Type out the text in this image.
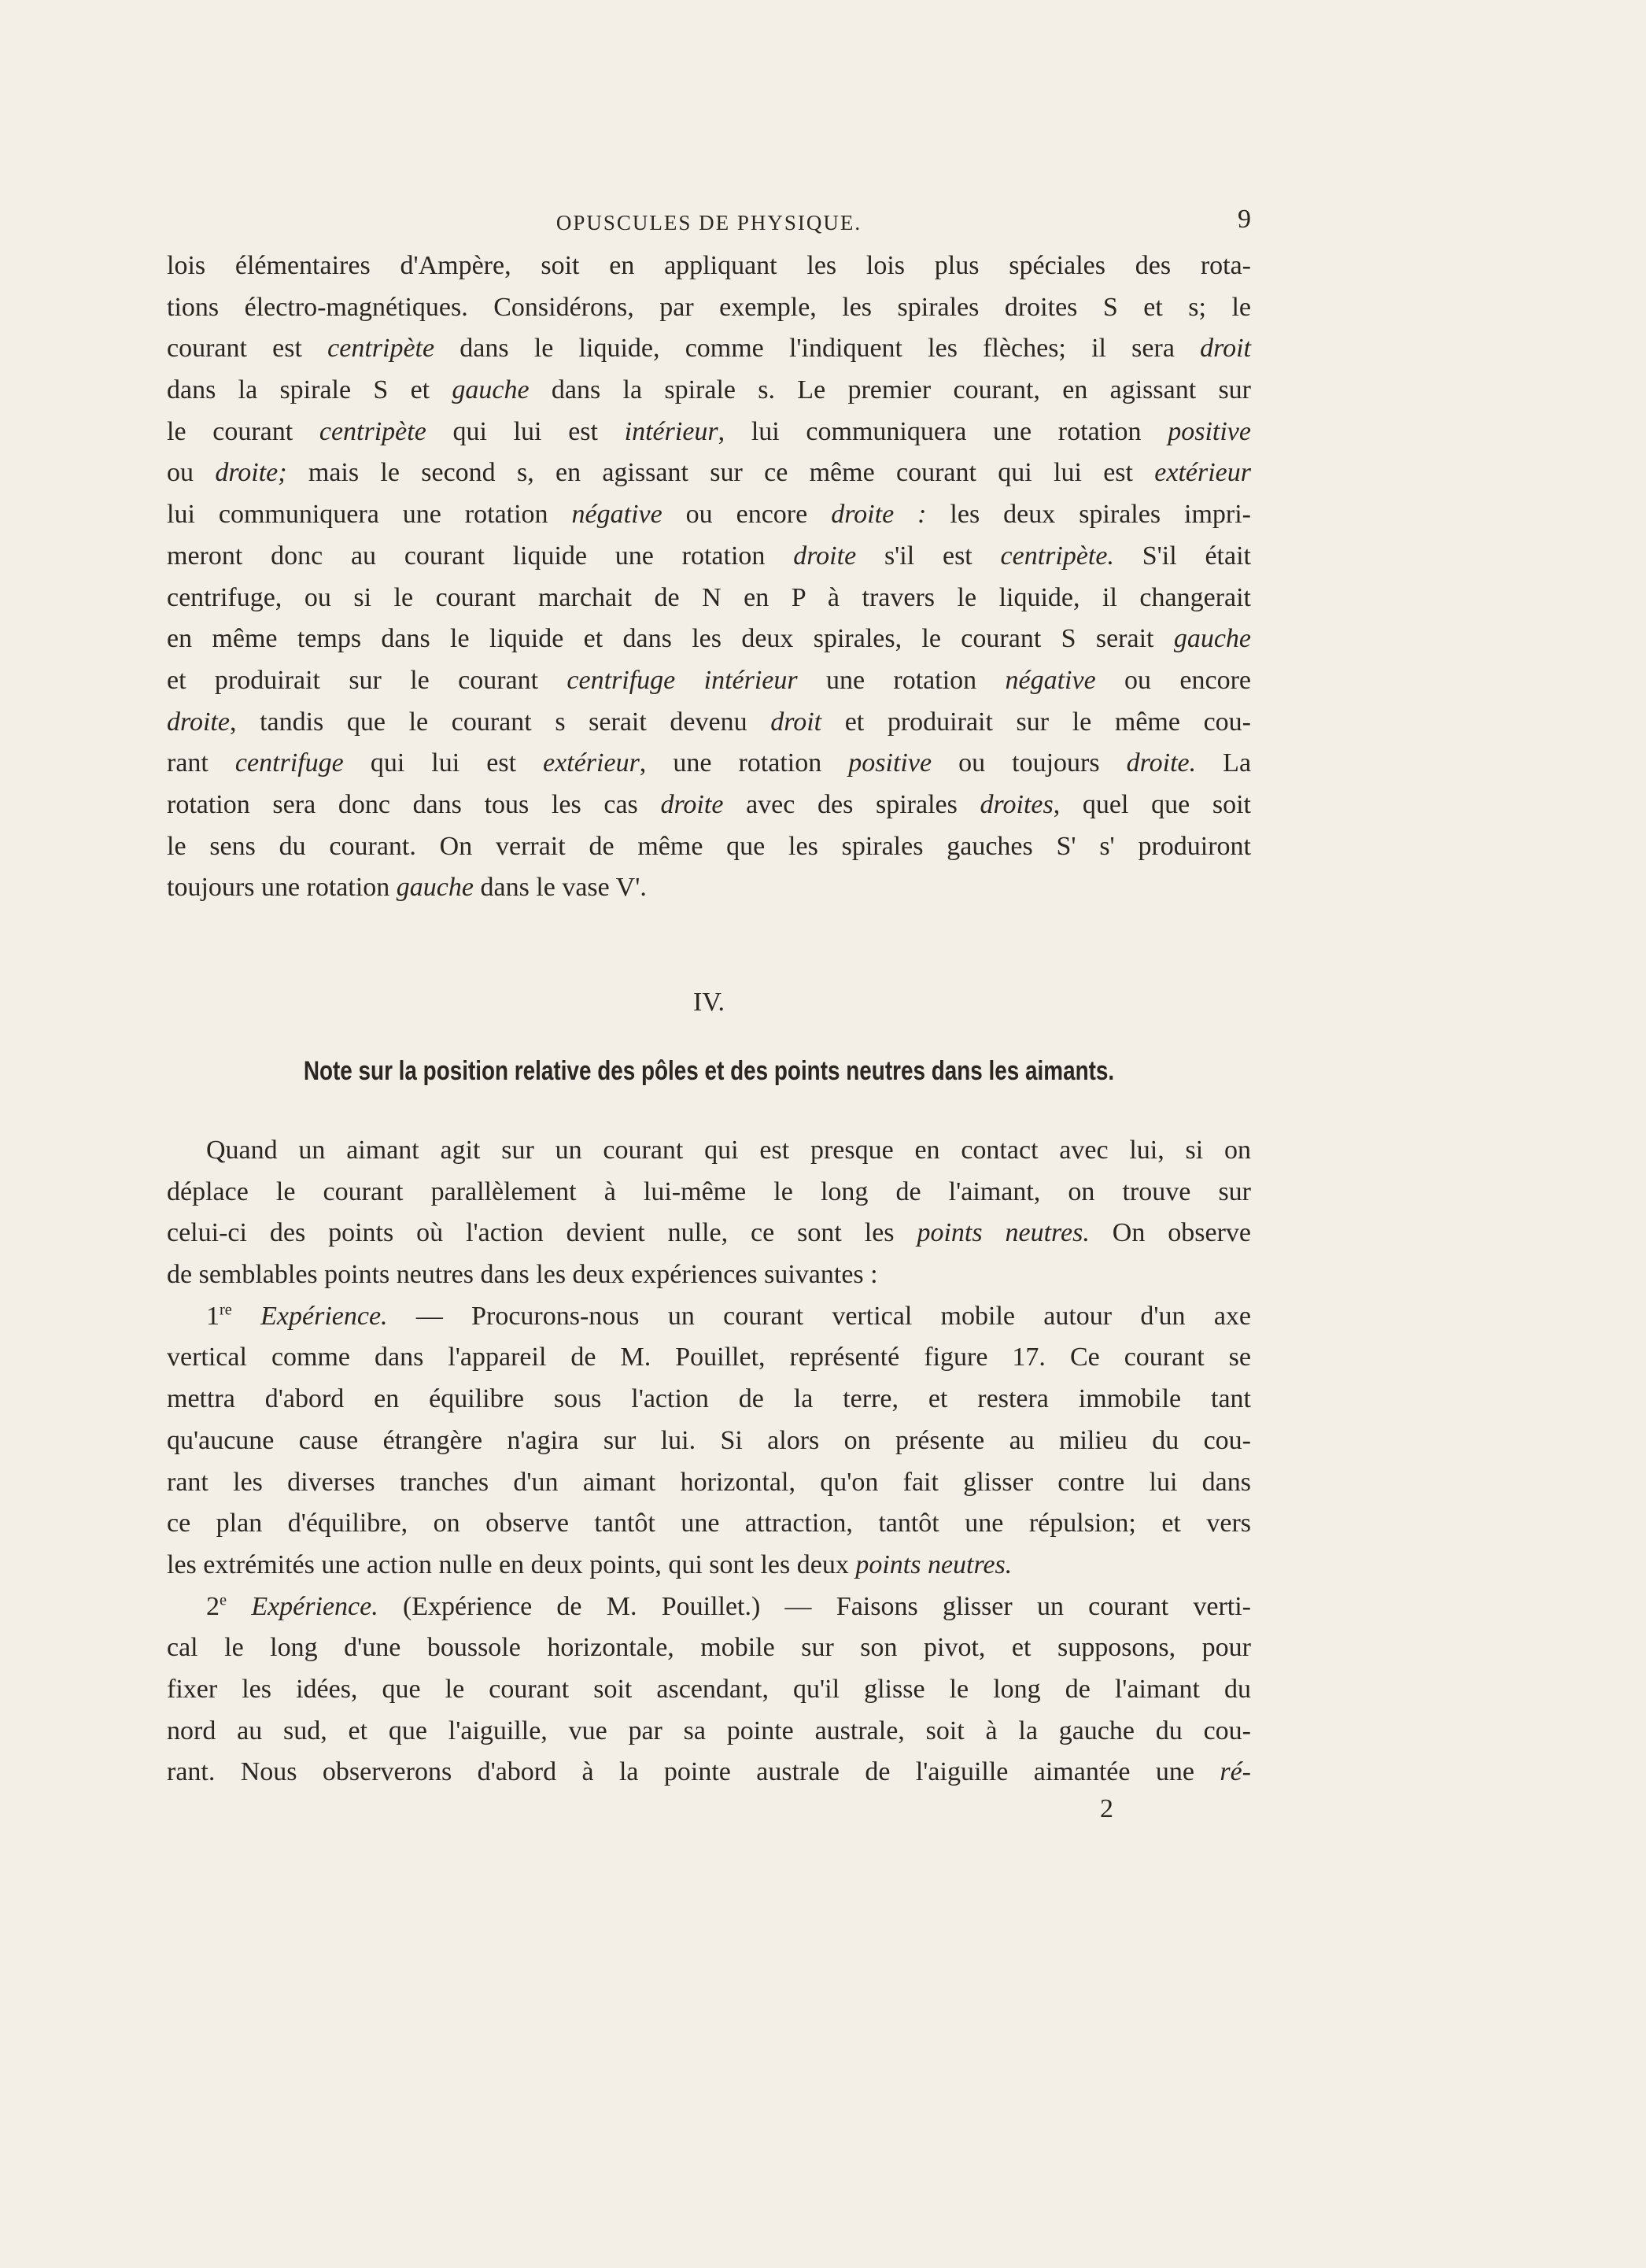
OPUSCULES DE PHYSIQUE.	9
lois élémentaires d'Ampère, soit en appliquant les lois plus spéciales des rota-
tions électro-magnétiques. Considérons, par exemple, les spirales droites S et s; le
courant est centripète dans le liquide, comme l'indiquent les flèches; il sera droit
dans la spirale S et gauche dans la spirale s. Le premier courant, en agissant sur
le courant centripète qui lui est intérieur, lui communiquera une rotation positive
ou droite; mais le second s, en agissant sur ce même courant qui lui est extérieur
lui communiquera une rotation négative ou encore droite : les deux spirales impri-
meront donc au courant liquide une rotation droite s'il est centripète. S'il était
centrifuge, ou si le courant marchait de N en P à travers le liquide, il changerait
en même temps dans le liquide et dans les deux spirales, le courant S serait gauche
et produirait sur le courant centrifuge intérieur une rotation négative ou encore
droite, tandis que le courant s serait devenu droit et produirait sur le même cou-
rant centrifuge qui lui est extérieur, une rotation positive ou toujours droite. La
rotation sera donc dans tous les cas droite avec des spirales droites, quel que soit
le sens du courant. On verrait de même que les spirales gauches S' s' produiront
toujours une rotation gauche dans le vase V'.
IV.
Note sur la position relative des pôles et des points neutres dans les aimants.
Quand un aimant agit sur un courant qui est presque en contact avec lui, si on
déplace le courant parallèlement à lui-même le long de l'aimant, on trouve sur
celui-ci des points où l'action devient nulle, ce sont les points neutres. On observe
de semblables points neutres dans les deux expériences suivantes :
1re Expérience. — Procurons-nous un courant vertical mobile autour d'un axe
vertical comme dans l'appareil de M. Pouillet, représenté figure 17. Ce courant se
mettra d'abord en équilibre sous l'action de la terre, et restera immobile tant
qu'aucune cause étrangère n'agira sur lui. Si alors on présente au milieu du cou-
rant les diverses tranches d'un aimant horizontal, qu'on fait glisser contre lui dans
ce plan d'équilibre, on observe tantôt une attraction, tantôt une répulsion; et vers
les extrémités une action nulle en deux points, qui sont les deux points neutres.
2e Expérience. (Expérience de M. Pouillet.) — Faisons glisser un courant verti-
cal le long d'une boussole horizontale, mobile sur son pivot, et supposons, pour
fixer les idées, que le courant soit ascendant, qu'il glisse le long de l'aimant du
nord au sud, et que l'aiguille, vue par sa pointe australe, soit à la gauche du cou-
rant. Nous observerons d'abord à la pointe australe de l'aiguille aimantée une ré-
2
